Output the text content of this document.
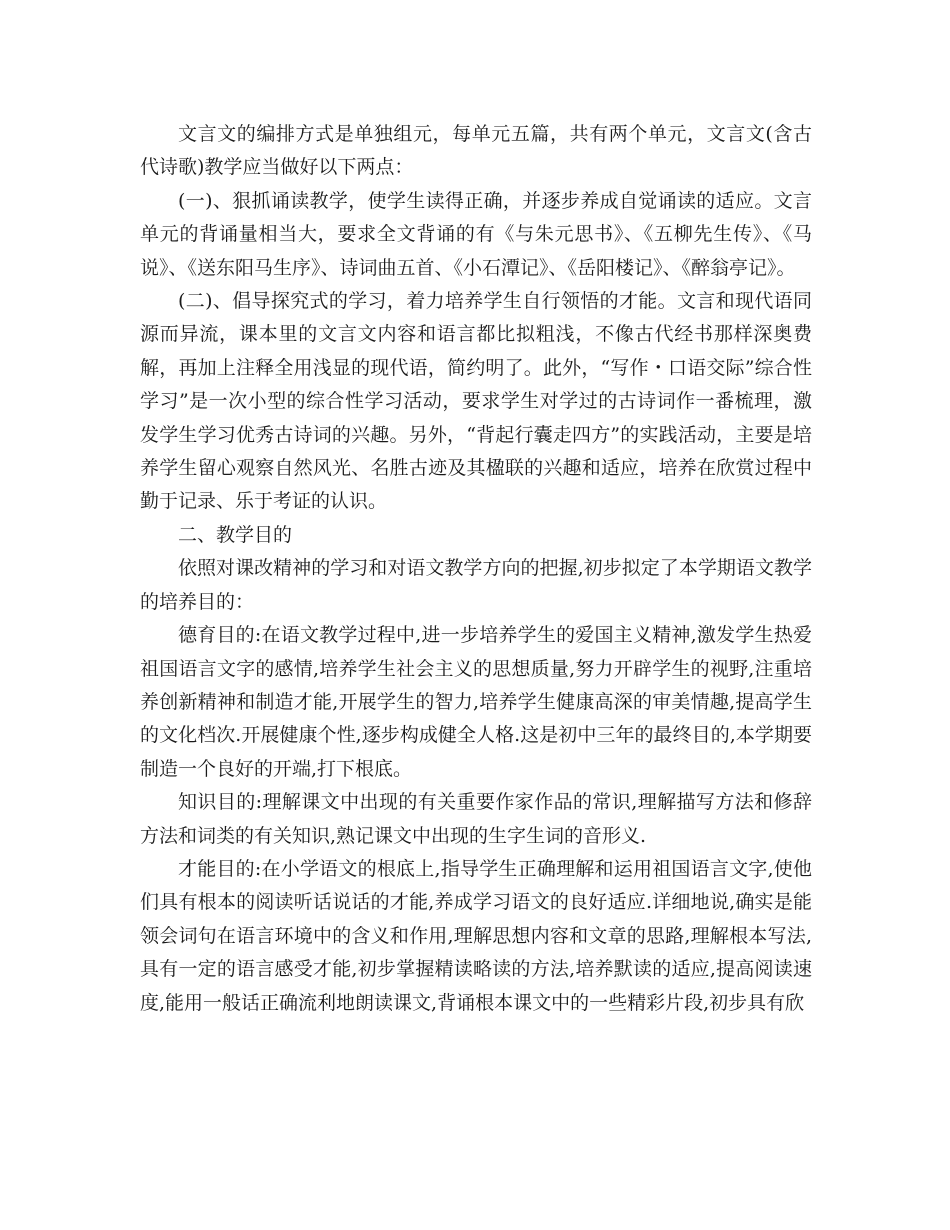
文言文的编排方式是单独组元，每单元五篇，共有两个单元，文言文(含古代诗歌)教学应当做好以下两点：

(一)、狠抓诵读教学，使学生读得正确，并逐步养成自觉诵读的适应。文言单元的背诵量相当大，要求全文背诵的有《与朱元思书》、《五柳先生传》、《马说》、《送东阳马生序》、诗词曲五首、《小石潭记》、《岳阳楼记》、《醉翁亭记》。

(二)、倡导探究式的学习，着力培养学生自行领悟的才能。文言和现代语同源而异流，课本里的文言文内容和语言都比拟粗浅，不像古代经书那样深奥费解，再加上注释全用浅显的现代语，简约明了。此外，“写作・口语交际”综合性学习”是一次小型的综合性学习活动，要求学生对学过的古诗词作一番梳理，激发学生学习优秀古诗词的兴趣。另外，“背起行囊走四方”的实践活动，主要是培养学生留心观察自然风光、名胜古迹及其楹联的兴趣和适应，培养在欣赏过程中勤于记录、乐于考证的认识。

二、教学目的

依照对课改精神的学习和对语文教学方向的把握,初步拟定了本学期语文教学的培养目的：

德育目的:在语文教学过程中,进一步培养学生的爱国主义精神,激发学生热爱祖国语言文字的感情,培养学生社会主义的思想质量,努力开辟学生的视野,注重培养创新精神和制造才能,开展学生的智力,培养学生健康高深的审美情趣,提高学生的文化档次.开展健康个性,逐步构成健全人格.这是初中三年的最终目的,本学期要制造一个良好的开端,打下根底。

知识目的:理解课文中出现的有关重要作家作品的常识,理解描写方法和修辞方法和词类的有关知识,熟记课文中出现的生字生词的音形义.

才能目的:在小学语文的根底上,指导学生正确理解和运用祖国语言文字,使他们具有根本的阅读听话说话的才能,养成学习语文的良好适应.详细地说,确实是能领会词句在语言环境中的含义和作用,理解思想内容和文章的思路,理解根本写法,具有一定的语言感受才能,初步掌握精读略读的方法,培养默读的适应,提高阅读速度,能用一般话正确流利地朗读课文,背诵根本课文中的一些精彩片段,初步具有欣
